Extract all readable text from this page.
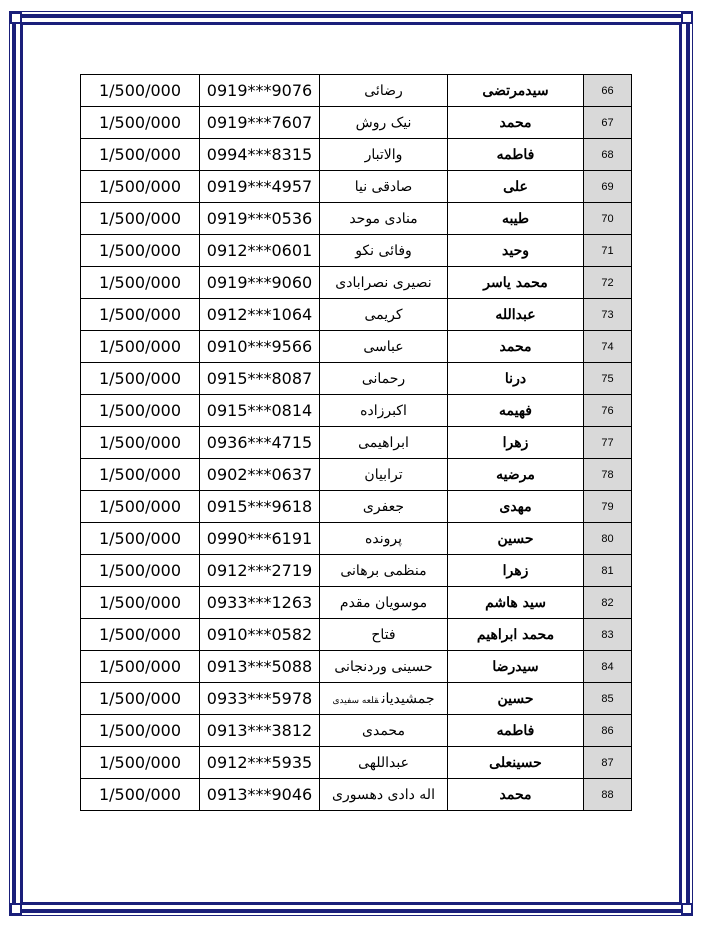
1/500/000	0919***9076	رضائی	سیدمرتضی	66
1/500/000	0919***7607	نیک روش	محمد	67
1/500/000	0994***8315	والاتبار	فاطمه	68
1/500/000	0919***4957	صادقی نیا	علی	69
1/500/000	0919***0536	منادی موحد	طیبه	70
1/500/000	0912***0601	وفائی نکو	وحید	71
1/500/000	0919***9060	نصیری نصرابادی	محمد یاسر	72
1/500/000	0912***1064	کریمی	عبدالله	73
1/500/000	0910***9566	عباسی	محمد	74
1/500/000	0915***8087	رحمانی	درنا	75
1/500/000	0915***0814	اکبرزاده	فهیمه	76
1/500/000	0936***4715	ابراهیمی	زهرا	77
1/500/000	0902***0637	ترابیان	مرضیه	78
1/500/000	0915***9618	جعفری	مهدی	79
1/500/000	0990***6191	پرونده	حسین	80
1/500/000	0912***2719	منظمی برهانی	زهرا	81
1/500/000	0933***1263	موسویان مقدم	سید هاشم	82
1/500/000	0910***0582	فتاح	محمد ابراهیم	83
1/500/000	0913***5088	حسینی وردنجانی	سیدرضا	84
1/500/000	0933***5978	جمشیدیانقلعه سفیدی	حسین	85
1/500/000	0913***3812	محمدی	فاطمه	86
1/500/000	0912***5935	عبداللهی	حسینعلی	87
1/500/000	0913***9046	اله دادی دهسوری	محمد	88
